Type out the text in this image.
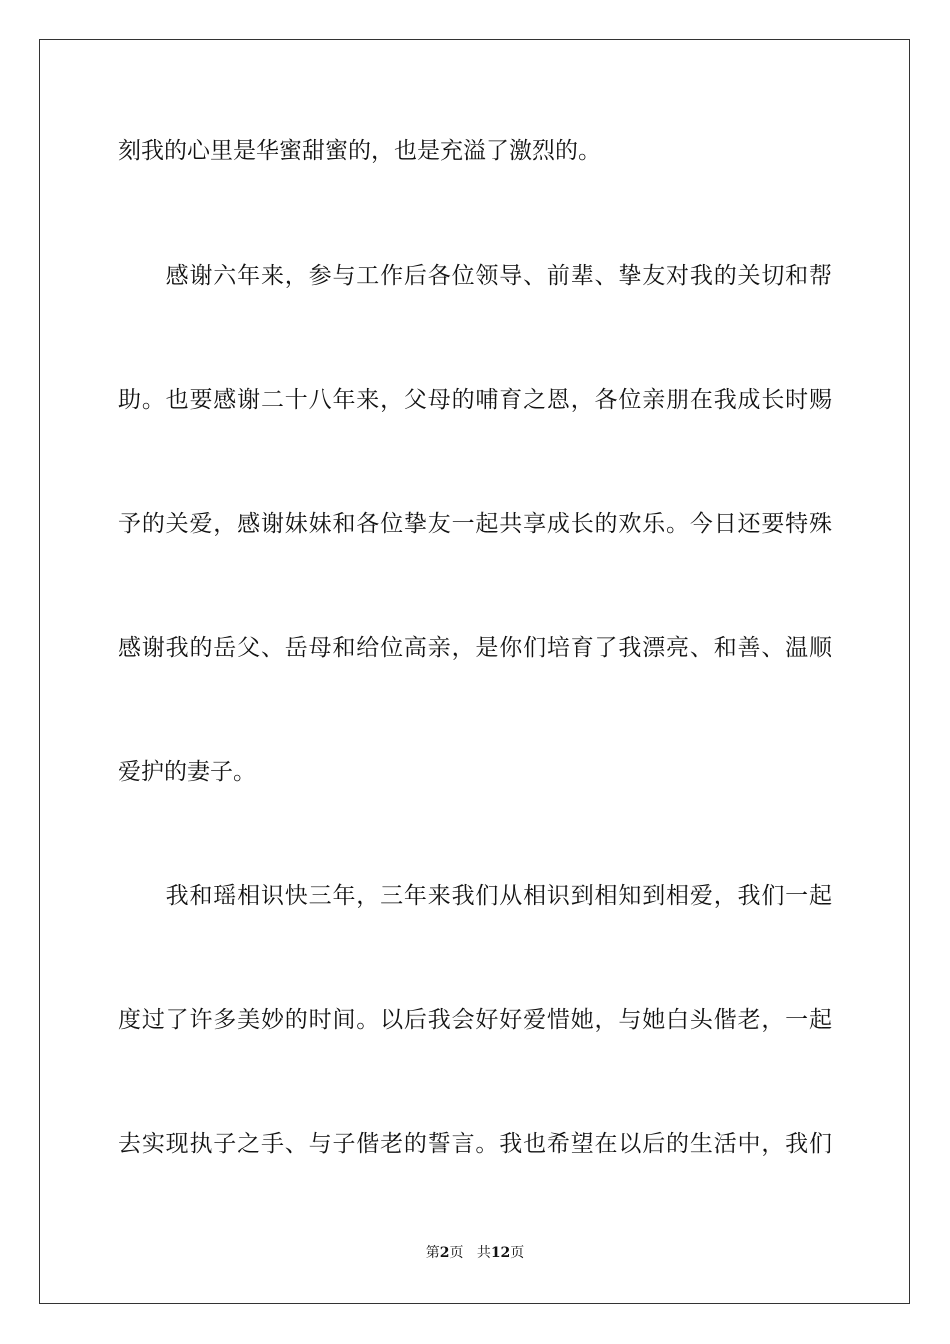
刻我的心里是华蜜甜蜜的，也是充溢了激烈的。
　　感谢六年来，参与工作后各位领导、前辈、挚友对我的关切和帮
助。也要感谢二十八年来，父母的哺育之恩，各位亲朋在我成长时赐
予的关爱，感谢妹妹和各位挚友一起共享成长的欢乐。今日还要特殊
感谢我的岳父、岳母和给位高亲，是你们培育了我漂亮、和善、温顺
爱护的妻子。
　　我和瑶相识快三年，三年来我们从相识到相知到相爱，我们一起
度过了许多美妙的时间。以后我会好好爱惜她，与她白头偕老，一起
去实现执子之手、与子偕老的誓言。我也希望在以后的生活中，我们
第2页 共12页
